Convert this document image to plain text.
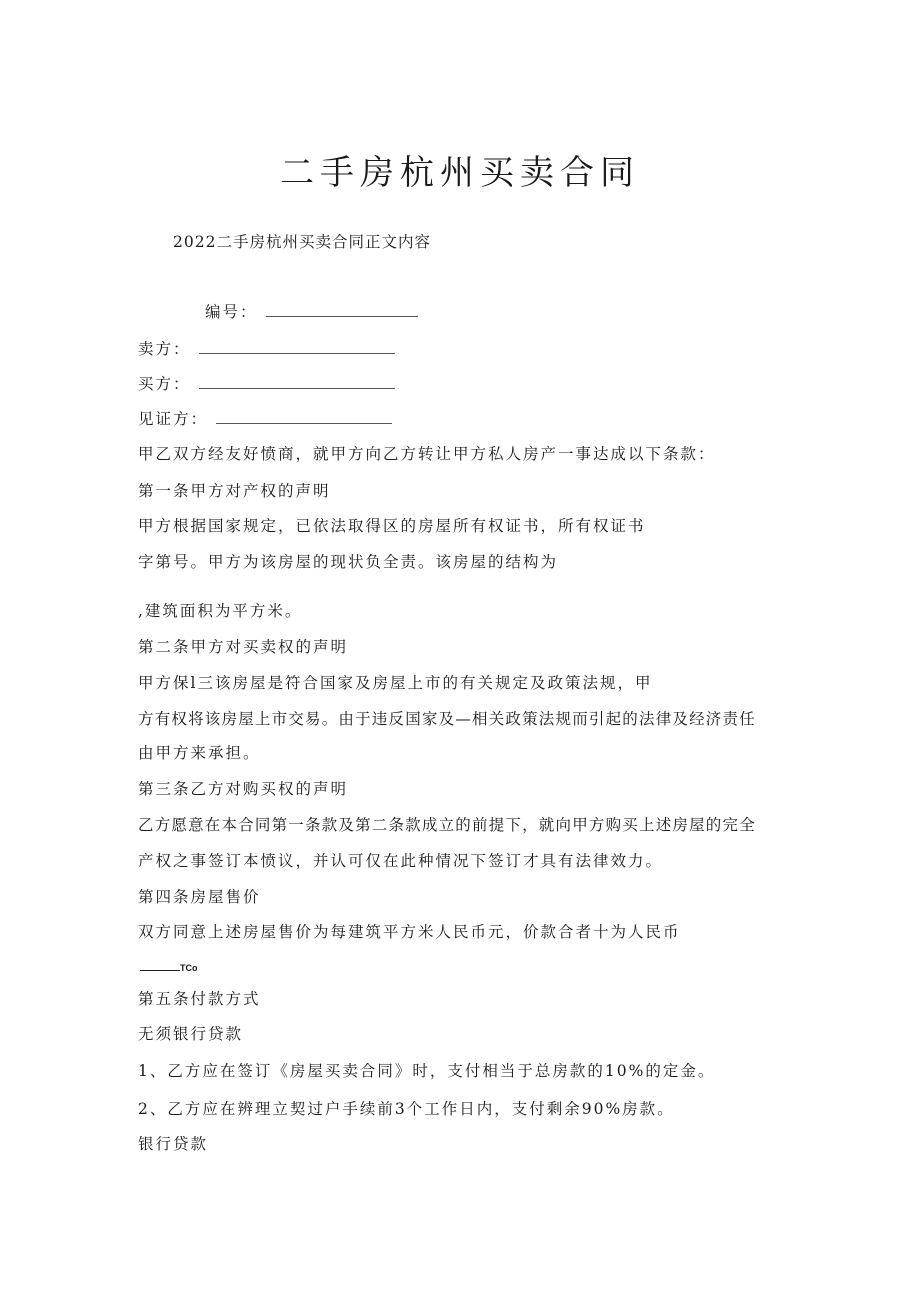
二手房杭州买卖合同
2022二手房杭州买卖合同正文内容
编号：
卖方：
买方：
见证方：
甲乙双方经友好愤商，就甲方向乙方转让甲方私人房产一事达成以下条款：
第一条甲方对产权的声明
甲方根据国家规定，已依法取得区的房屋所有权证书，所有权证书
字第号。甲方为该房屋的现状负全责。该房屋的结构为
,建筑面积为平方米。
第二条甲方对买卖权的声明
甲方保l三该房屋是符合国家及房屋上市的有关规定及政策法规，甲
方有权将该房屋上市交易。由于违反国家及—相关政策法规而引起的法律及经济责任
由甲方来承担。
第三条乙方对购买权的声明
乙方愿意在本合同第一条款及第二条款成立的前提下，就向甲方购买上述房屋的完全
产权之事签订本愤议，并认可仅在此种情况下签订才具有法律效力。
第四条房屋售价
双方同意上述房屋售价为每建筑平方米人民币元，价款合者十为人民币
TCo
第五条付款方式
无须银行贷款
1、乙方应在签订《房屋买卖合同》时，支付相当于总房款的10%的定金。
2、乙方应在辨理立契过户手续前3个工作日内，支付剩余90%房款。
银行贷款
